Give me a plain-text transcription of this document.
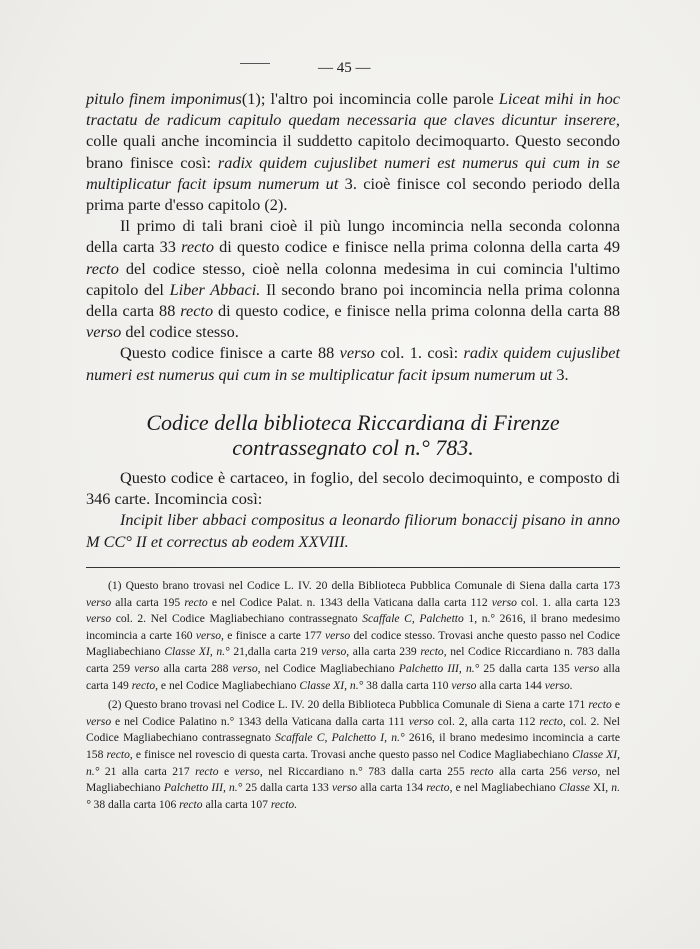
— 45 —

pitulo finem imponimus(1); l'altro poi incomincia colle parole Liceat mihi in hoc tractatu de radicum capitulo quedam necessaria que claves dicuntur inserere, colle quali anche incomincia il suddetto capitolo decimoquarto. Questo secondo brano finisce così: radix quidem cujuslibet numeri est numerus qui cum in se multiplicatur facit ipsum numerum ut 3. cioè finisce col secondo periodo della prima parte d'esso capitolo (2).

Il primo di tali brani cioè il più lungo incomincia nella seconda colonna della carta 33 recto di questo codice e finisce nella prima colonna della carta 49 recto del codice stesso, cioè nella colonna medesima in cui comincia l'ultimo capitolo del Liber Abbaci. Il secondo brano poi incomincia nella prima colonna della carta 88 recto di questo codice, e finisce nella prima colonna della carta 88 verso del codice stesso.

Questo codice finisce a carte 88 verso col. 1. così: radix quidem cujuslibet numeri est numerus qui cum in se multiplicatur facit ipsum numerum ut 3.

Codice della biblioteca Riccardiana di Firenze
contrassegnato col n.° 783.

Questo codice è cartaceo, in foglio, del secolo decimoquinto, e composto di 346 carte. Incomincia così:

Incipit liber abbaci compositus a leonardo filiorum bonaccij pisano in anno M CC° II et correctus ab eodem XXVIII.

(1) Questo brano trovasi nel Codice L. IV. 20 della Biblioteca Pubblica Comunale di Siena dalla carta 173 verso alla carta 195 recto e nel Codice Palat. n. 1343 della Vaticana dalla carta 112 verso col. 1. alla carta 123 verso col. 2. Nel Codice Magliabechiano contrassegnato Scaffale C, Palchetto 1, n.° 2616, il brano medesimo incomincia a carte 160 verso, e finisce a carte 177 verso del codice stesso. Trovasi anche questo passo nel Codice Magliabechiano Classe XI, n.° 21,dalla carta 219 verso, alla carta 239 recto, nel Codice Riccardiano n. 783 dalla carta 259 verso alla carta 288 verso, nel Codice Magliabechiano Palchetto III, n.° 25 dalla carta 135 verso alla carta 149 recto, e nel Codice Magliabechiano Classe XI, n.° 38 dalla carta 110 verso alla carta 144 verso.

(2) Questo brano trovasi nel Codice L. IV. 20 della Biblioteca Pubblica Comunale di Siena a carte 171 recto e verso e nel Codice Palatino n.° 1343 della Vaticana dalla carta 111 verso col. 2, alla carta 112 recto, col. 2. Nel Codice Magliabechiano contrassegnato Scaffale C, Palchetto I, n.° 2616, il brano medesimo incomincia a carte 158 recto, e finisce nel rovescio di questa carta. Trovasi anche questo passo nel Codice Magliabechiano Classe XI, n.° 21 alla carta 217 recto e verso, nel Riccardiano n.° 783 dalla carta 255 recto alla carta 256 verso, nel Magliabechiano Palchetto III, n.° 25 dalla carta 133 verso alla carta 134 recto, e nel Magliabechiano Classe XI, n.° 38 dalla carta 106 recto alla carta 107 recto.
